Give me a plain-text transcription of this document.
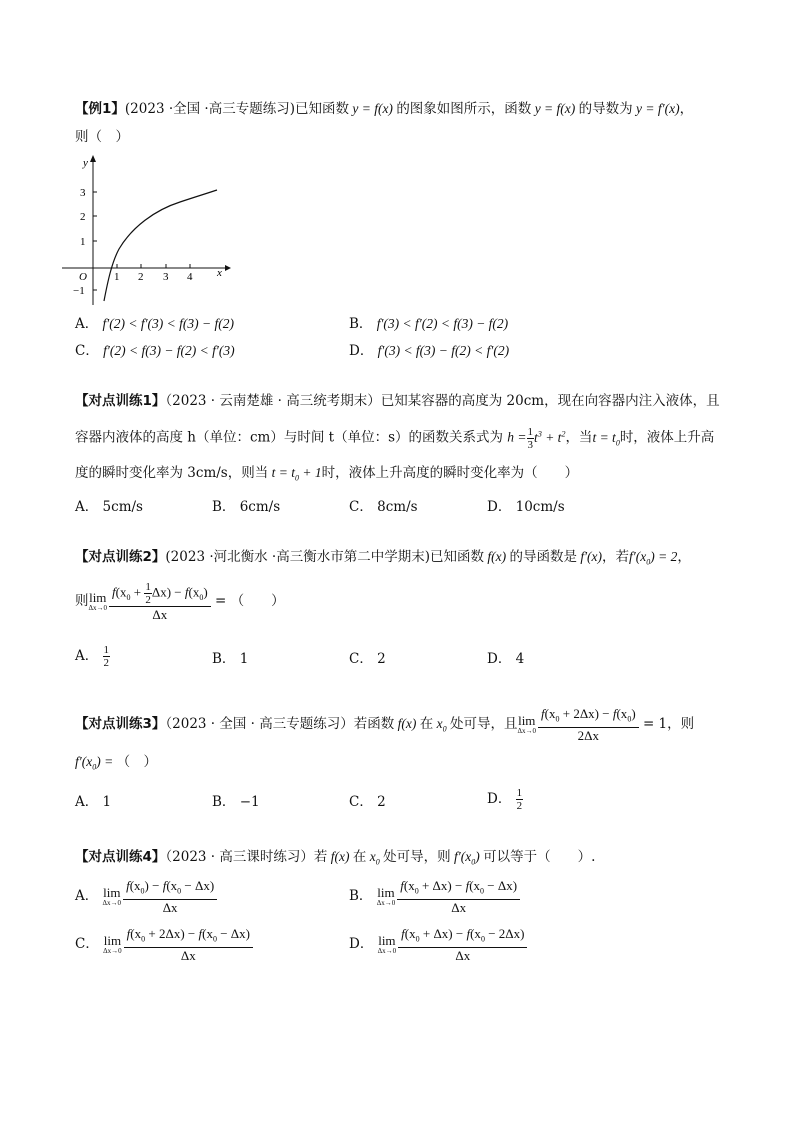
【例1】(2023 ·全国 ·高三专题练习)已知函数 y = f(x) 的图象如图所示，函数 y = f(x) 的导数为 y = f′(x)，
则（　）
y
x
O 1 2 3 4
3
2
1
−1
A． f′(2) < f′(3) < f(3) − f(2)	B． f′(3) < f′(2) < f(3) − f(2)
C． f′(2) < f(3) − f(2) < f′(3)	D． f′(3) < f(3) − f(2) < f′(2)
【对点训练1】（2023 · 云南楚雄 · 高三统考期末）已知某容器的高度为 20cm，现在向容器内注入液体，且
容器内液体的高度 h（单位：cm）与时间 t（单位：s）的函数关系式为 $h = \frac{1}{3} t^3 + t^2$，当$t = t_0$时，液体上升高
度的瞬时变化率为 3cm/s，则当 $t = t_0 + 1$时，液体上升高度的瞬时变化率为（　　）
A． 5cm/s	B． 6cm/s	C． 8cm/s	D． 10cm/s
【对点训练2】(2023 ·河北衡水 ·高三衡水市第二中学期末)已知函数 f(x) 的导函数是 f′(x)，若$f'(x_0) = 2$，
则 lim
$\Delta x\to 0 \frac{f(x_0 + \frac{1}{2} \Delta x) - f(x_0)}{\Delta x}$ = （　　）
A． $\frac{1}{2}$	B． 1	C． 2	D． 4
【对点训练3】（2023 · 全国 · 高三专题练习）若函数 f(x) 在 $x_0$ 处可导，且 lim
$\Delta x\to 0 \frac{f(x_0 + 2\Delta x) - f(x_0)}{2\Delta x} = 1$，则
$f'(x_0)$ = （　）
A． 1	B． −1	C． 2	D． $\frac{1}{2}$
【对点训练4】（2023 · 高三课时练习）若 f(x) 在 $x_0$ 处可导，则 $f'(x_0)$ 可以等于（　　）.
A． lim
$\Delta x\to 0 \frac{f(x_0) - f(x_0 - \Delta x)}{\Delta x}$	B． lim
$\Delta x\to 0 \frac{f(x_0 + \Delta x) - f(x_0 - \Delta x)}{\Delta x}$
C． lim
$\Delta x\to 0 \frac{f(x_0 + 2\Delta x) - f(x_0 - \Delta x)}{\Delta x}$	D． lim
$\Delta x\to 0 \frac{f(x_0 + \Delta x) - f(x_0 - 2\Delta x)}{\Delta x}$
